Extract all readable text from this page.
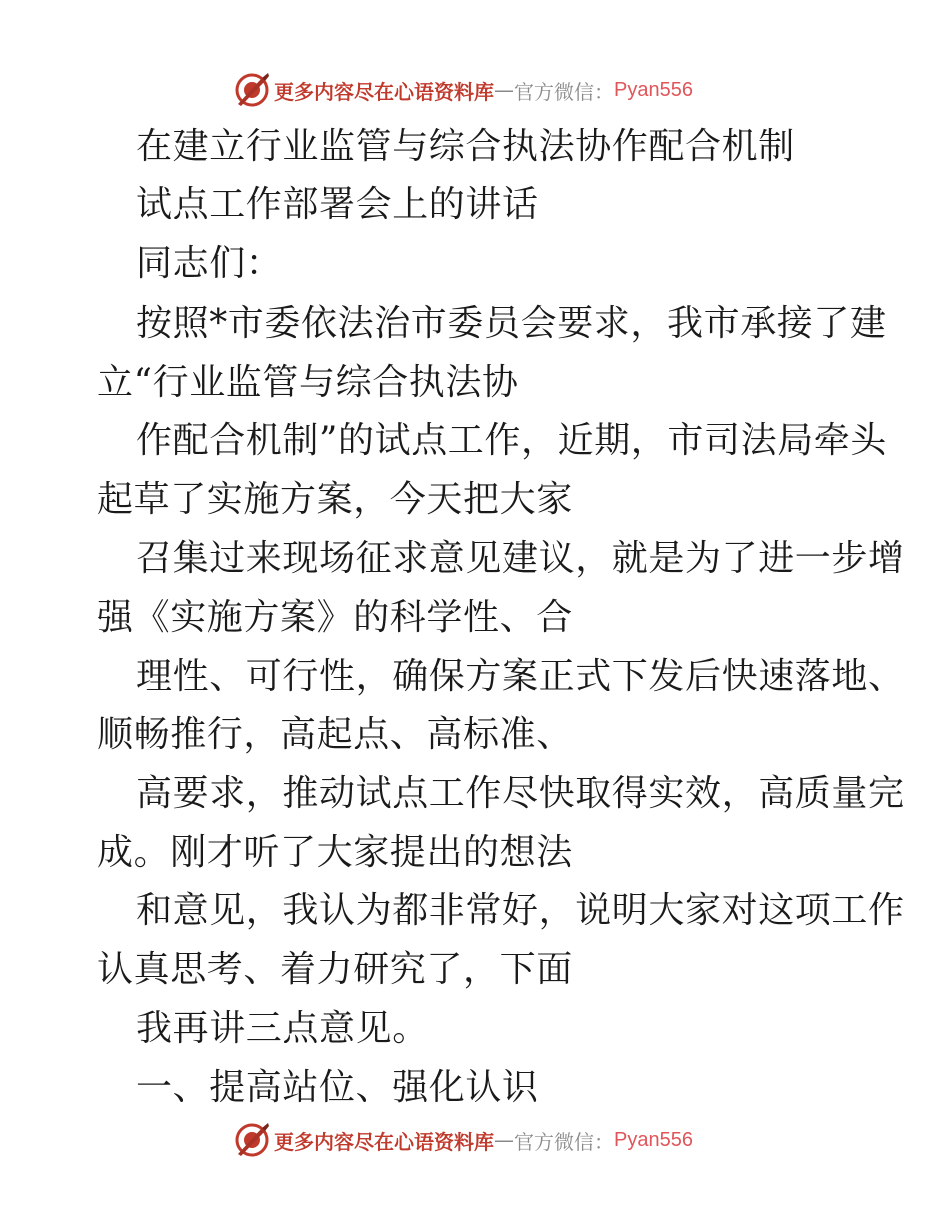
更多内容尽在心语资料库 — 官方微信： Pyan556
在建立行业监管与综合执法协作配合机制
试点工作部署会上的讲话
同志们：
按照*市委依法治市委员会要求，我市承接了建
立“行业监管与综合执法协
作配合机制”的试点工作，近期，市司法局牵头
起草了实施方案，今天把大家
召集过来现场征求意见建议，就是为了进一步增
强《实施方案》的科学性、合
理性、可行性，确保方案正式下发后快速落地、
顺畅推行，高起点、高标准、
高要求，推动试点工作尽快取得实效，高质量完
成。刚才听了大家提出的想法
和意见，我认为都非常好，说明大家对这项工作
认真思考、着力研究了，下面
我再讲三点意见。
一、提高站位、强化认识
更多内容尽在心语资料库 — 官方微信： Pyan556
